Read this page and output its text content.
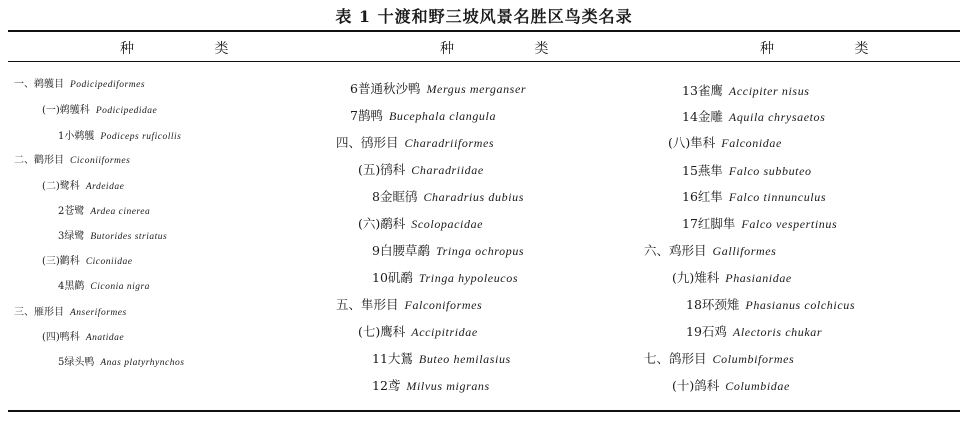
表 1 十渡和野三坡风景名胜区鸟类名录
种 类	种 类	种 类
一、鹈鹱目 Podicipediformes
(一)鹈鹱科 Podicipedidae
1小鹈鹱 Podiceps ruficollis
二、鹳形目 Ciconiiformes
(二)鹭科 Ardeidae
2苍鹭 Ardea cinerea
3绿鹭 Butorides striatus
(三)鹳科 Ciconiidae
4黑鹳 Ciconia nigra
三、雁形目 Anseriformes
(四)鸭科 Anatidae
5绿头鸭 Anas platyrhynchos
6普通秋沙鸭 Mergus merganser
7鹊鸭 Bucephala clangula
四、鸻形目 Charadriiformes
(五)鸻科 Charadriidae
8金眶鸻 Charadrius dubius
(六)鹬科 Scolopacidae
9白腰草鹬 Tringa ochropus
10矶鹬 Tringa hypoleucos
五、隼形目 Falconiformes
(七)鹰科 Accipitridae
11大鵟 Buteo hemilasius
12鸢 Milvus migrans
13雀鹰 Accipiter nisus
14金雕 Aquila chrysaetos
(八)隼科 Falconidae
15燕隼 Falco subbuteo
16红隼 Falco tinnunculus
17红脚隼 Falco vespertinus
六、鸡形目 Galliformes
(九)雉科 Phasianidae
18环颈雉 Phasianus colchicus
19石鸡 Alectoris chukar
七、鸽形目 Columbiformes
(十)鸽科 Columbidae
